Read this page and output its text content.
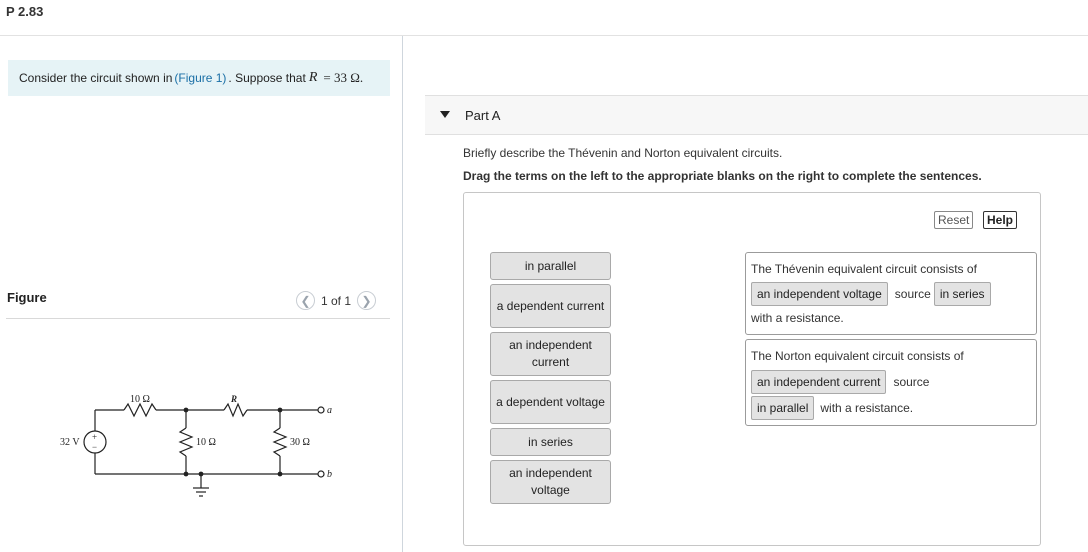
P 2.83
Consider the circuit shown in (Figure 1) . Suppose that R = 33 Ω.
Figure	❮ 1 of 1 ❯
10 Ω	R
32 V +
−	10 Ω	30 Ω
a
b
Part A
Briefly describe the Thévenin and Norton equivalent circuits.
Drag the terms on the left to the appropriate blanks on the right to complete the sentences.
Reset	Help
in parallel
a dependent current
an independent current
a dependent voltage
in series
an independent voltage
The Thévenin equivalent circuit consists of
an independent voltage	source in series
with a resistance.
The Norton equivalent circuit consists of
an independent current	source
in parallel	with a resistance.
